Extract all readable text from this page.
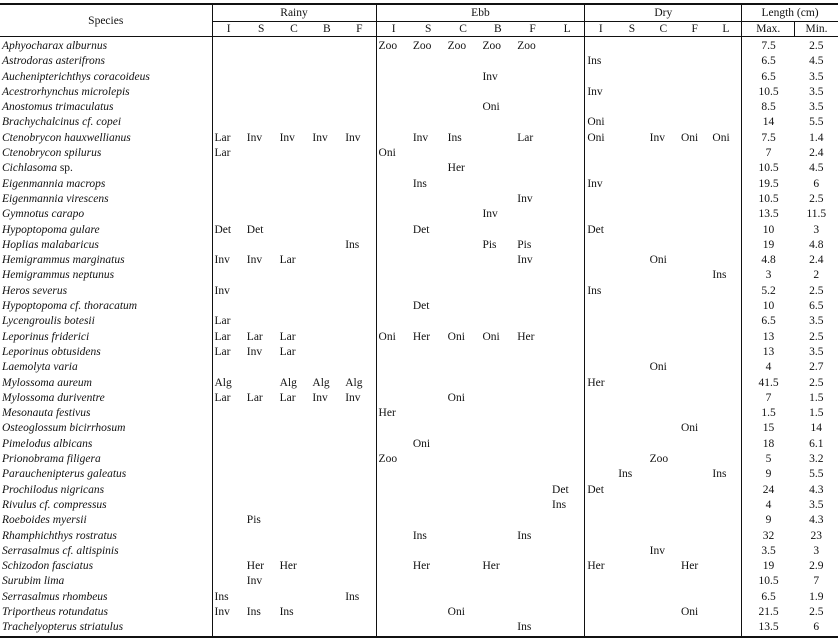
Species	Rainy					Ebb						Dry					Length (cm)	
	I	S	C	B	F	I	S	C	B	F	L	I	S	C	F	L	Max.	Min.
Aphyocharax alburnus						Zoo	Zoo	Zoo	Zoo	Zoo							7.5	2.5
Astrodoras asterifrons												Ins					6.5	4.5
Auchenipterichthys coracoideus									Inv								6.5	3.5
Acestrorhynchus microlepis												Inv					10.5	3.5
Anostomus trimaculatus									Oni								8.5	3.5
Brachychalcinus cf. copei												Oni					14	5.5
Ctenobrycon hauxwellianus	Lar	Inv	Inv	Inv	Inv		Inv	Ins		Lar		Oni		Inv	Oni	Oni	7.5	1.4
Ctenobrycon spilurus	Lar					Oni											7	2.4
Cichlasoma sp.								Her									10.5	4.5
Eigenmannia macrops							Ins					Inv					19.5	6
Eigenmannia virescens										Inv							10.5	2.5
Gymnotus carapo									Inv								13.5	11.5
Hypoptopoma gulare	Det	Det					Det					Det					10	3
Hoplias malabaricus					Ins				Pis	Pis							19	4.8
Hemigrammus marginatus	Inv	Inv	Lar							Inv				Oni			4.8	2.4
Hemigrammus neptunus																Ins	3	2
Heros severus	Inv											Ins					5.2	2.5
Hypoptopoma cf. thoracatum							Det										10	6.5
Lycengroulis botesii	Lar																6.5	3.5
Leporinus friderici	Lar	Lar	Lar			Oni	Her	Oni	Oni	Her							13	2.5
Leporinus obtusidens	Lar	Inv	Lar														13	3.5
Laemolyta varia														Oni			4	2.7
Mylossoma aureum	Alg		Alg	Alg	Alg							Her					41.5	2.5
Mylossoma duriventre	Lar	Lar	Lar	Inv	Inv			Oni									7	1.5
Mesonauta festivus						Her											1.5	1.5
Osteoglossum bicirrhosum															Oni		15	14
Pimelodus albicans							Oni										18	6.1
Prionobrama filigera						Zoo								Zoo			5	3.2
Parauchenipterus galeatus													Ins			Ins	9	5.5
Prochilodus nigricans											Det	Det					24	4.3
Rivulus cf. compressus											Ins						4	3.5
Roeboides myersii		Pis															9	4.3
Rhamphichthys rostratus							Ins			Ins							32	23
Serrasalmus cf. altispinis														Inv			3.5	3
Schizodon fasciatus		Her	Her				Her		Her			Her			Her		19	2.9
Surubim lima		Inv															10.5	7
Serrasalmus rhombeus	Ins				Ins												6.5	1.9
Triportheus rotundatus	Inv	Ins	Ins					Oni							Oni		21.5	2.5
Trachelyopterus striatulus										Ins							13.5	6
